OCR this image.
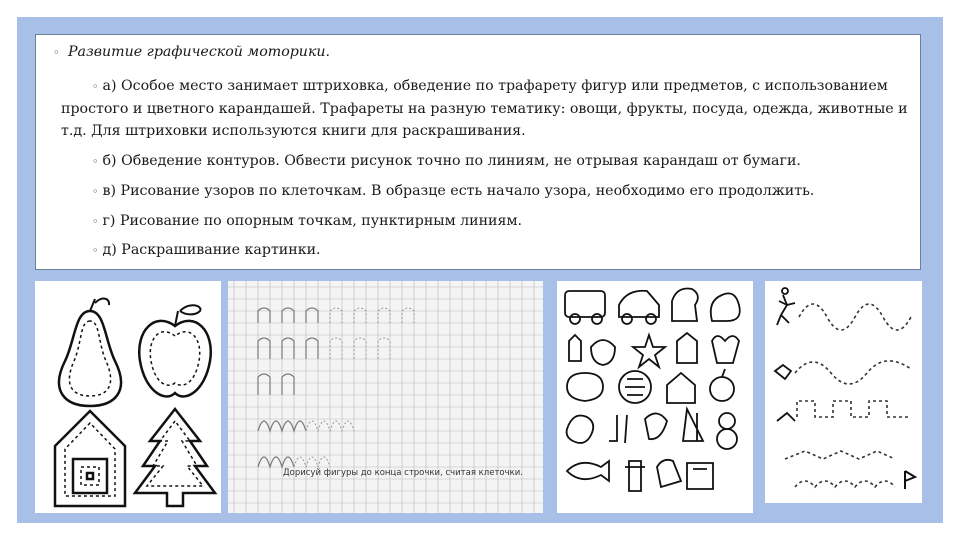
◦ Развитие графической моторики.
◦ а) Особое место занимает штриховка, обведение по трафарету фигур или предметов, с использованием
простого и цветного карандашей. Трафареты на разную тематику: овощи, фрукты, посуда, одежда, животные и
т.д. Для штриховки используются книги для раскрашивания.
◦ б) Обведение контуров. Обвести рисунок точно по линиям, не отрывая карандаш от бумаги.
◦ в) Рисование узоров по клеточкам. В образце есть начало узора, необходимо его продолжить.
◦ г) Рисование по опорным точкам, пунктирным линиям.
◦ д) Раскрашивание картинки.
Дорисуй фигуры до конца строчки, считая клеточки.
